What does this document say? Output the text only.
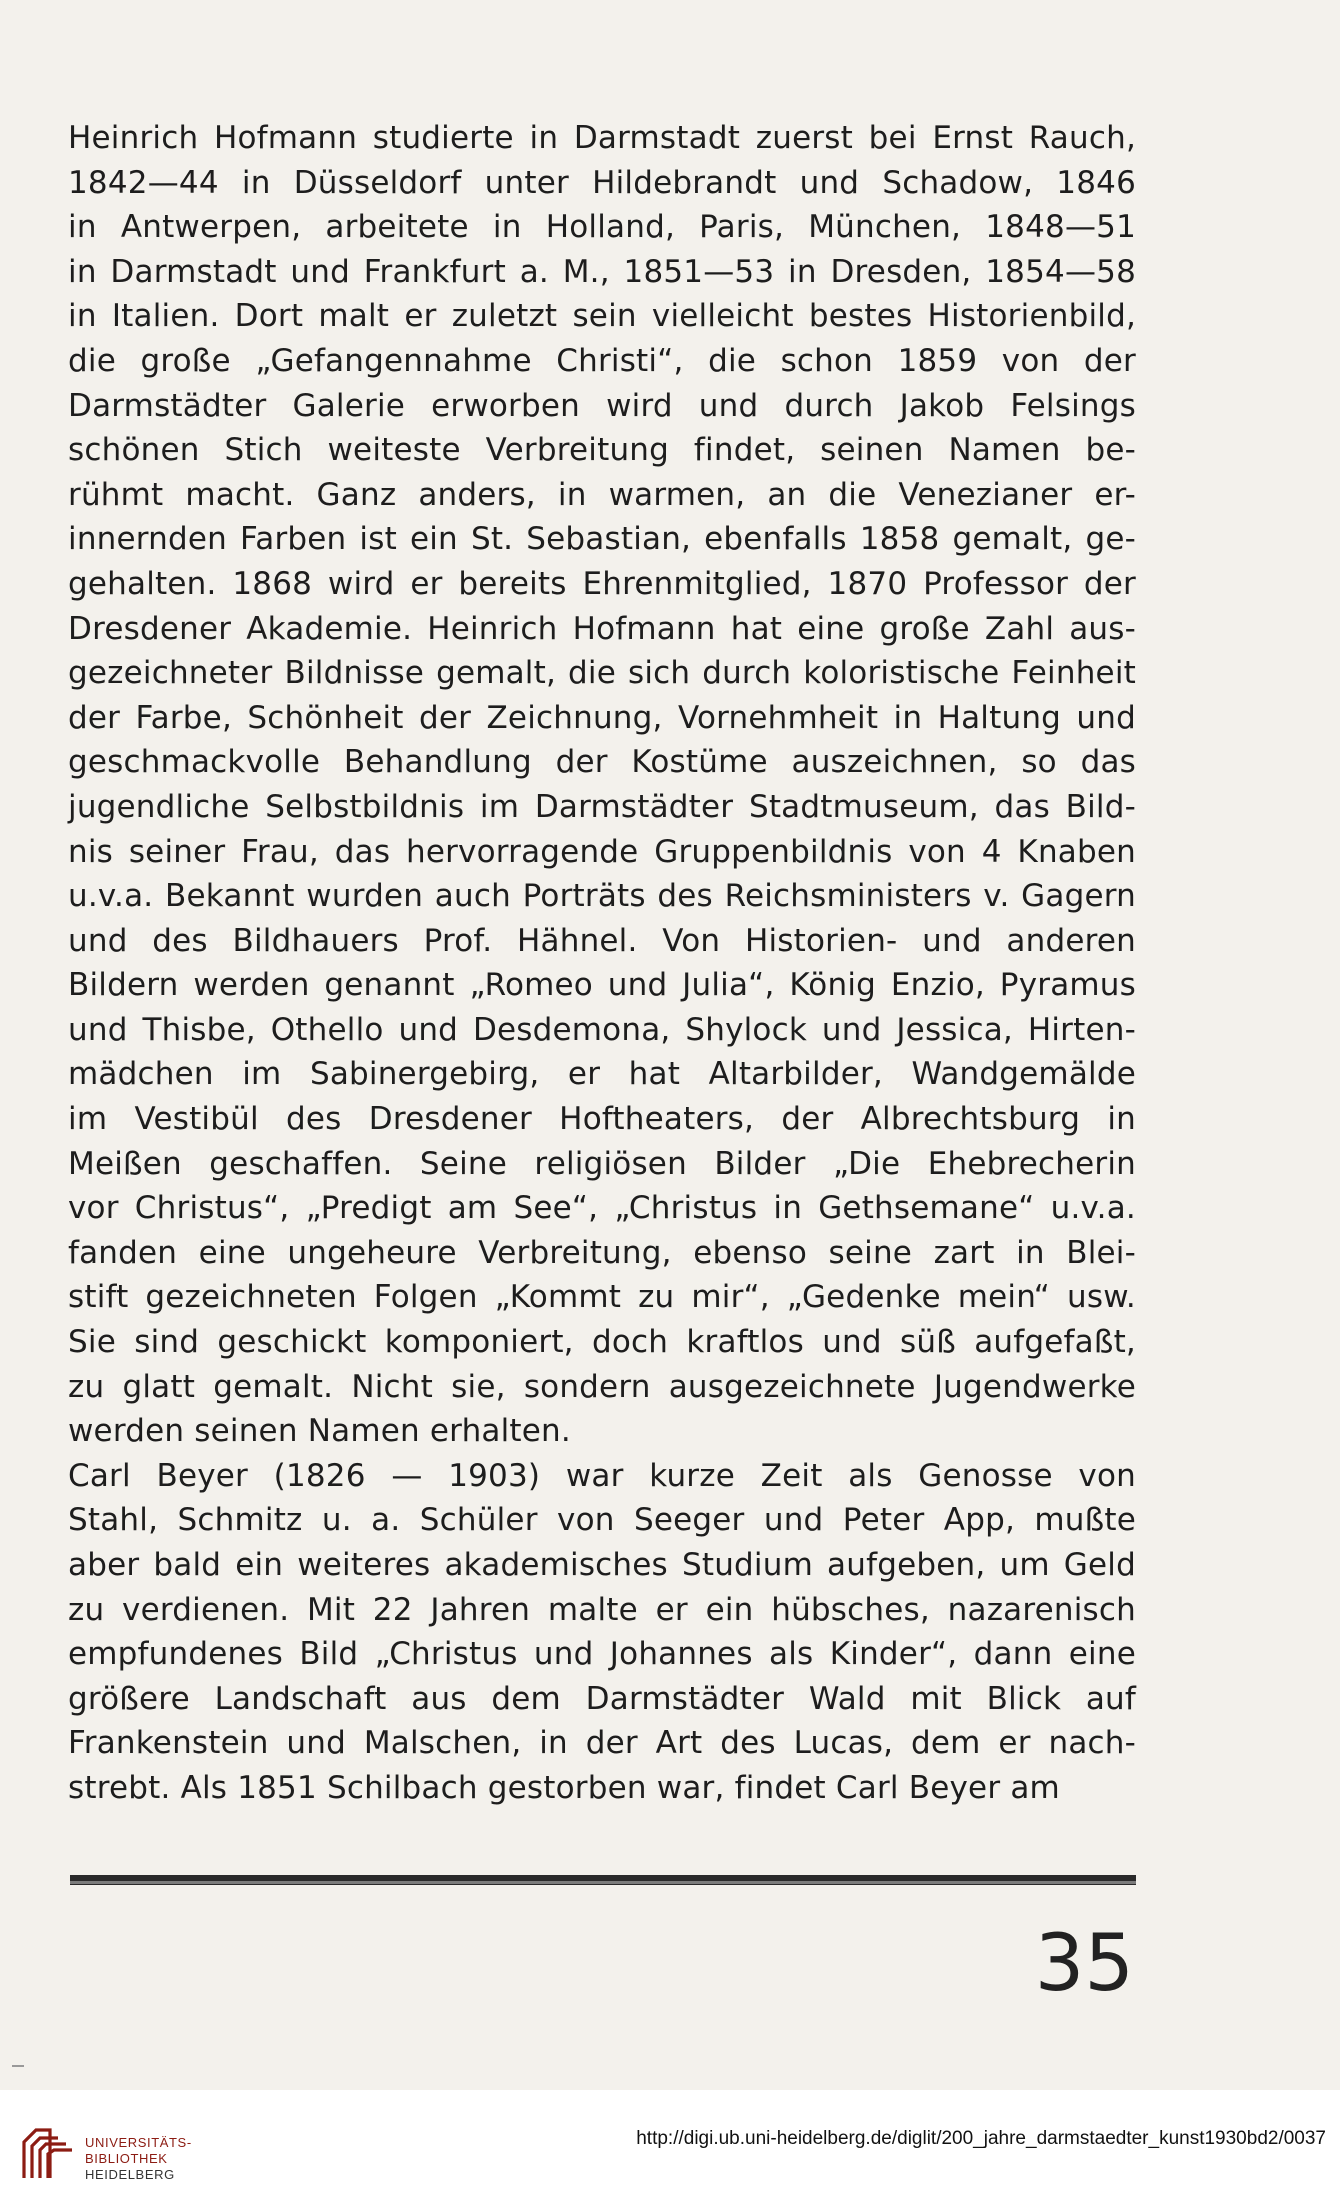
Heinrich Hofmann studierte in Darmstadt zuerst bei Ernst Rauch,
1842—44 in Düsseldorf unter Hildebrandt und Schadow, 1846
in Antwerpen, arbeitete in Holland, Paris, München, 1848—51
in Darmstadt und Frankfurt a. M., 1851—53 in Dresden, 1854—58
in Italien. Dort malt er zuletzt sein vielleicht bestes Historienbild,
die große „Gefangennahme Christi“, die schon 1859 von der
Darmstädter Galerie erworben wird und durch Jakob Felsings
schönen Stich weiteste Verbreitung findet, seinen Namen be-
rühmt macht. Ganz anders, in warmen, an die Venezianer er-
innernden Farben ist ein St. Sebastian, ebenfalls 1858 gemalt, ge-
gehalten. 1868 wird er bereits Ehrenmitglied, 1870 Professor der
Dresdener Akademie. Heinrich Hofmann hat eine große Zahl aus-
gezeichneter Bildnisse gemalt, die sich durch koloristische Feinheit
der Farbe, Schönheit der Zeichnung, Vornehmheit in Haltung und
geschmackvolle Behandlung der Kostüme auszeichnen, so das
jugendliche Selbstbildnis im Darmstädter Stadtmuseum, das Bild-
nis seiner Frau, das hervorragende Gruppenbildnis von 4 Knaben
u.v.a. Bekannt wurden auch Porträts des Reichsministers v. Gagern
und des Bildhauers Prof. Hähnel. Von Historien- und anderen
Bildern werden genannt „Romeo und Julia“, König Enzio, Pyramus
und Thisbe, Othello und Desdemona, Shylock und Jessica, Hirten-
mädchen im Sabinergebirg, er hat Altarbilder, Wandgemälde
im Vestibül des Dresdener Hoftheaters, der Albrechtsburg in
Meißen geschaffen. Seine religiösen Bilder „Die Ehebrecherin
vor Christus“, „Predigt am See“, „Christus in Gethsemane“ u.v.a.
fanden eine ungeheure Verbreitung, ebenso seine zart in Blei-
stift gezeichneten Folgen „Kommt zu mir“, „Gedenke mein“ usw.
Sie sind geschickt komponiert, doch kraftlos und süß aufgefaßt,
zu glatt gemalt. Nicht sie, sondern ausgezeichnete Jugendwerke
werden seinen Namen erhalten.
Carl Beyer (1826 — 1903) war kurze Zeit als Genosse von
Stahl, Schmitz u. a. Schüler von Seeger und Peter App, mußte
aber bald ein weiteres akademisches Studium aufgeben, um Geld
zu verdienen. Mit 22 Jahren malte er ein hübsches, nazarenisch
empfundenes Bild „Christus und Johannes als Kinder“, dann eine
größere Landschaft aus dem Darmstädter Wald mit Blick auf
Frankenstein und Malschen, in der Art des Lucas, dem er nach-
strebt. Als 1851 Schilbach gestorben war, findet Carl Beyer am
35
UNIVERSITÄTS-
BIBLIOTHEK
HEIDELBERG
http://digi.ub.uni-heidelberg.de/diglit/200_jahre_darmstaedter_kunst1930bd2/0037
